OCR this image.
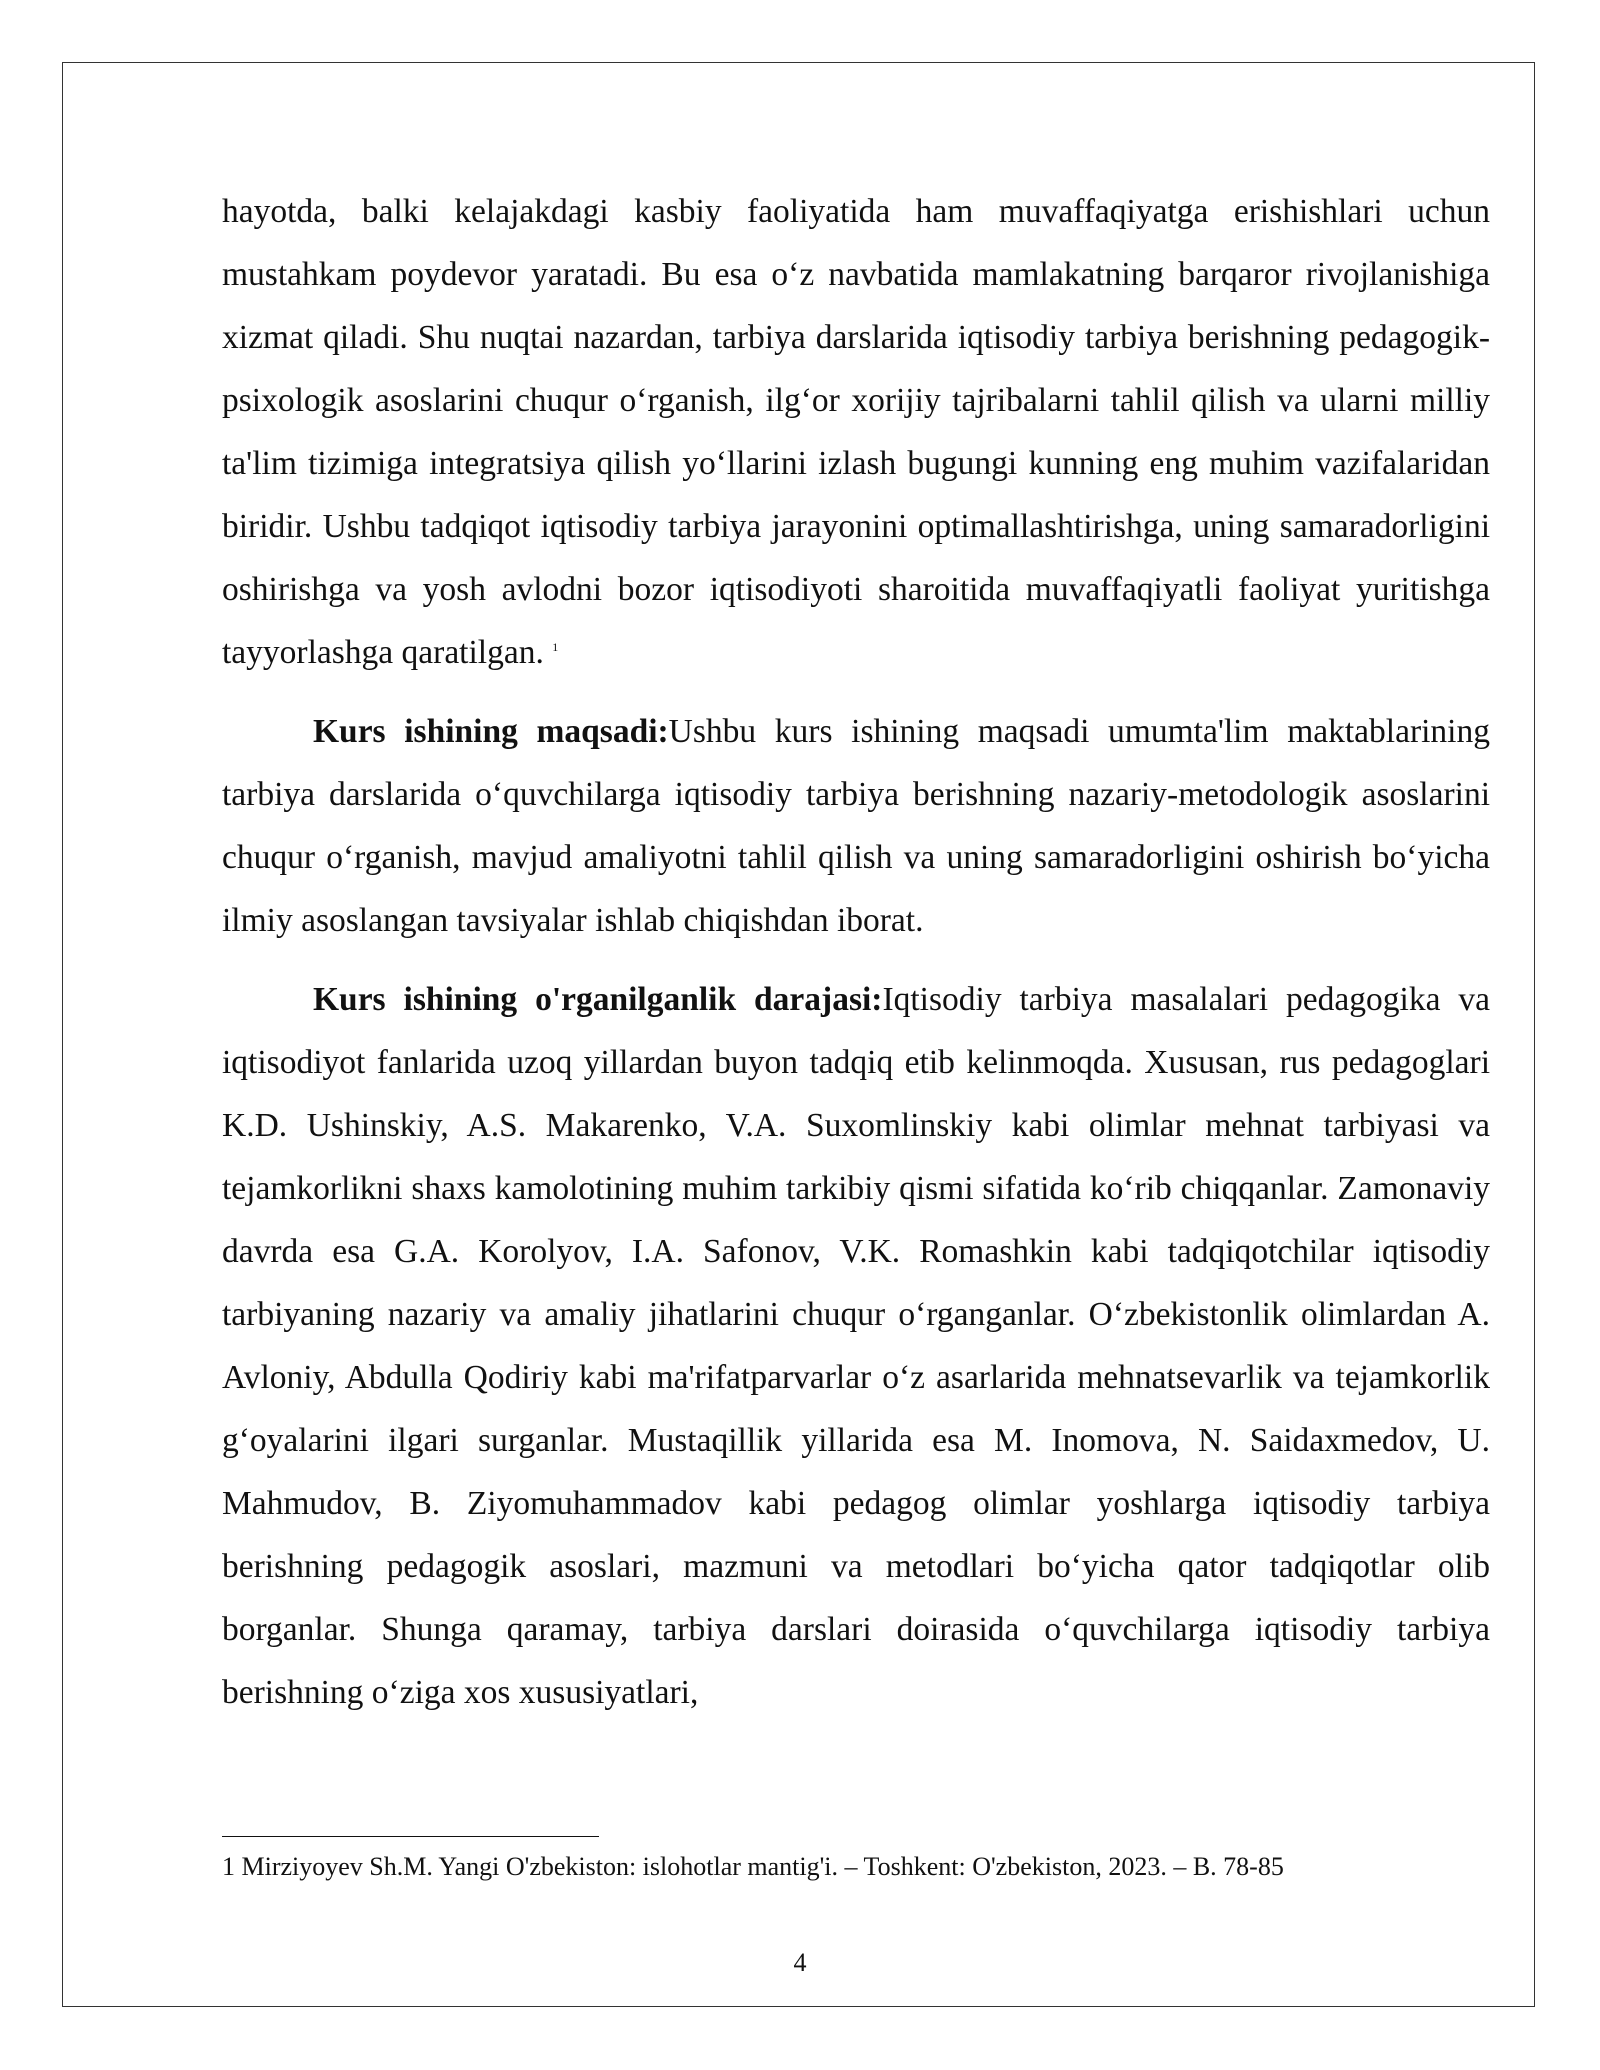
hayotda, balki kelajakdagi kasbiy faoliyatida ham muvaffaqiyatga erishishlari uchun mustahkam poydevor yaratadi. Bu esa o‘z navbatida mamlakatning barqaror rivojlanishiga xizmat qiladi. Shu nuqtai nazardan, tarbiya darslarida iqtisodiy tarbiya berishning pedagogik-psixologik asoslarini chuqur o‘rganish, ilg‘or xorijiy tajribalarni tahlil qilish va ularni milliy ta'lim tizimiga integratsiya qilish yo‘llarini izlash bugungi kunning eng muhim vazifalaridan biridir. Ushbu tadqiqot iqtisodiy tarbiya jarayonini optimallashtirishga, uning samaradorligini oshirishga va yosh avlodni bozor iqtisodiyoti sharoitida muvaffaqiyatli faoliyat yuritishga tayyorlashga qaratilgan. $^1$

Kurs ishining maqsadi:Ushbu kurs ishining maqsadi umumta'lim maktablarining tarbiya darslarida o‘quvchilarga iqtisodiy tarbiya berishning nazariy-metodologik asoslarini chuqur o‘rganish, mavjud amaliyotni tahlil qilish va uning samaradorligini oshirish bo‘yicha ilmiy asoslangan tavsiyalar ishlab chiqishdan iborat.

Kurs ishining o'rganilganlik darajasi:Iqtisodiy tarbiya masalalari pedagogika va iqtisodiyot fanlarida uzoq yillardan buyon tadqiq etib kelinmoqda. Xususan, rus pedagoglari K.D. Ushinskiy, A.S. Makarenko, V.A. Suxomlinskiy kabi olimlar mehnat tarbiyasi va tejamkorlikni shaxs kamolotining muhim tarkibiy qismi sifatida ko‘rib chiqqanlar. Zamonaviy davrda esa G.A. Korolyov, I.A. Safonov, V.K. Romashkin kabi tadqiqotchilar iqtisodiy tarbiyaning nazariy va amaliy jihatlarini chuqur o‘rganganlar. O‘zbekistonlik olimlardan A. Avloniy, Abdulla Qodiriy kabi ma'rifatparvarlar o‘z asarlarida mehnatsevarlik va tejamkorlik g‘oyalarini ilgari surganlar. Mustaqillik yillarida esa M. Inomova, N. Saidaxmedov, U. Mahmudov, B. Ziyomuhammadov kabi pedagog olimlar yoshlarga iqtisodiy tarbiya berishning pedagogik asoslari, mazmuni va metodlari bo‘yicha qator tadqiqotlar olib borganlar. Shunga qaramay, tarbiya darslari doirasida o‘quvchilarga iqtisodiy tarbiya berishning o‘ziga xos xususiyatlari,

1 Mirziyoyev Sh.M. Yangi O'zbekiston: islohotlar mantig'i. – Toshkent: O'zbekiston, 2023. – B. 78-85
4
